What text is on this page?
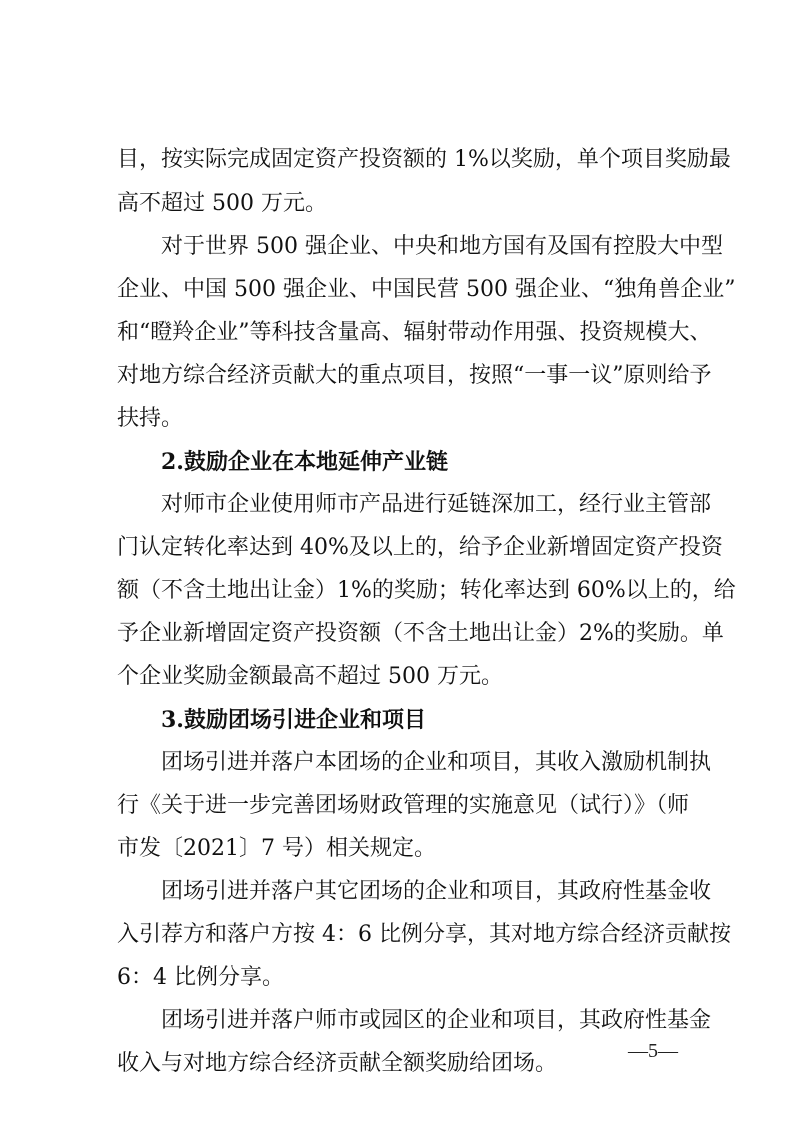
目，按实际完成固定资产投资额的 1%以奖励，单个项目奖励最
高不超过 500 万元。
对于世界 500 强企业、中央和地方国有及国有控股大中型
企业、中国 500 强企业、中国民营 500 强企业、“独角兽企业”
和“瞪羚企业”等科技含量高、辐射带动作用强、投资规模大、
对地方综合经济贡献大的重点项目，按照“一事一议”原则给予
扶持。
2.鼓励企业在本地延伸产业链
对师市企业使用师市产品进行延链深加工，经行业主管部
门认定转化率达到 40%及以上的，给予企业新增固定资产投资
额（不含土地出让金）1%的奖励；转化率达到 60%以上的，给
予企业新增固定资产投资额（不含土地出让金）2%的奖励。单
个企业奖励金额最高不超过 500 万元。
3.鼓励团场引进企业和项目
团场引进并落户本团场的企业和项目，其收入激励机制执
行《关于进一步完善团场财政管理的实施意见（试行）》（师
市发〔2021〕7 号）相关规定。
团场引进并落户其它团场的企业和项目，其政府性基金收
入引荐方和落户方按 4：6 比例分享，其对地方综合经济贡献按
6：4 比例分享。
团场引进并落户师市或园区的企业和项目，其政府性基金
收入与对地方综合经济贡献全额奖励给团场。	—5—
